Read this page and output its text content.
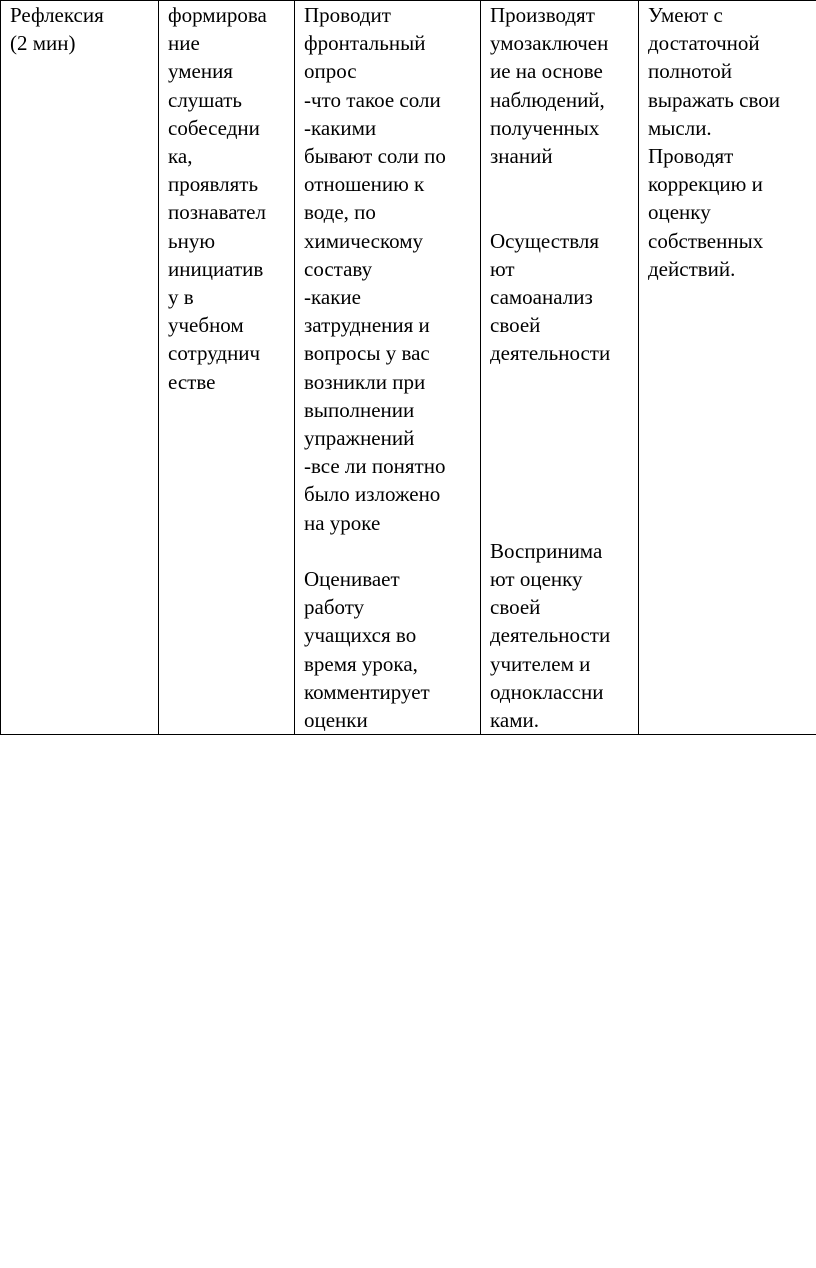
Рефлексия
(2 мин)

формирова
ние
умения
слушать
собеседни
ка,
проявлять
познавател
ьную
инициатив
у в
учебном
сотруднич
естве

Проводит
фронтальный
опрос
-что такое соли
-какими
бывают соли по
отношению к
воде, по
химическому
составу
-какие
затруднения и
вопросы у вас
возникли при
выполнении
упражнений
-все ли понятно
было изложено
на уроке
Оценивает
работу
учащихся во
время урока,
комментирует
оценки

Производят
умозаключен
ие на основе
наблюдений,
полученных
знаний
Осуществля
ют
самоанализ
своей
деятельности
Воспринима
ют оценку
своей
деятельности
учителем и
одноклассни
ками.

Умеют с
достаточной
полнотой
выражать свои
мысли.
Проводят
коррекцию и
оценку
собственных
действий.
